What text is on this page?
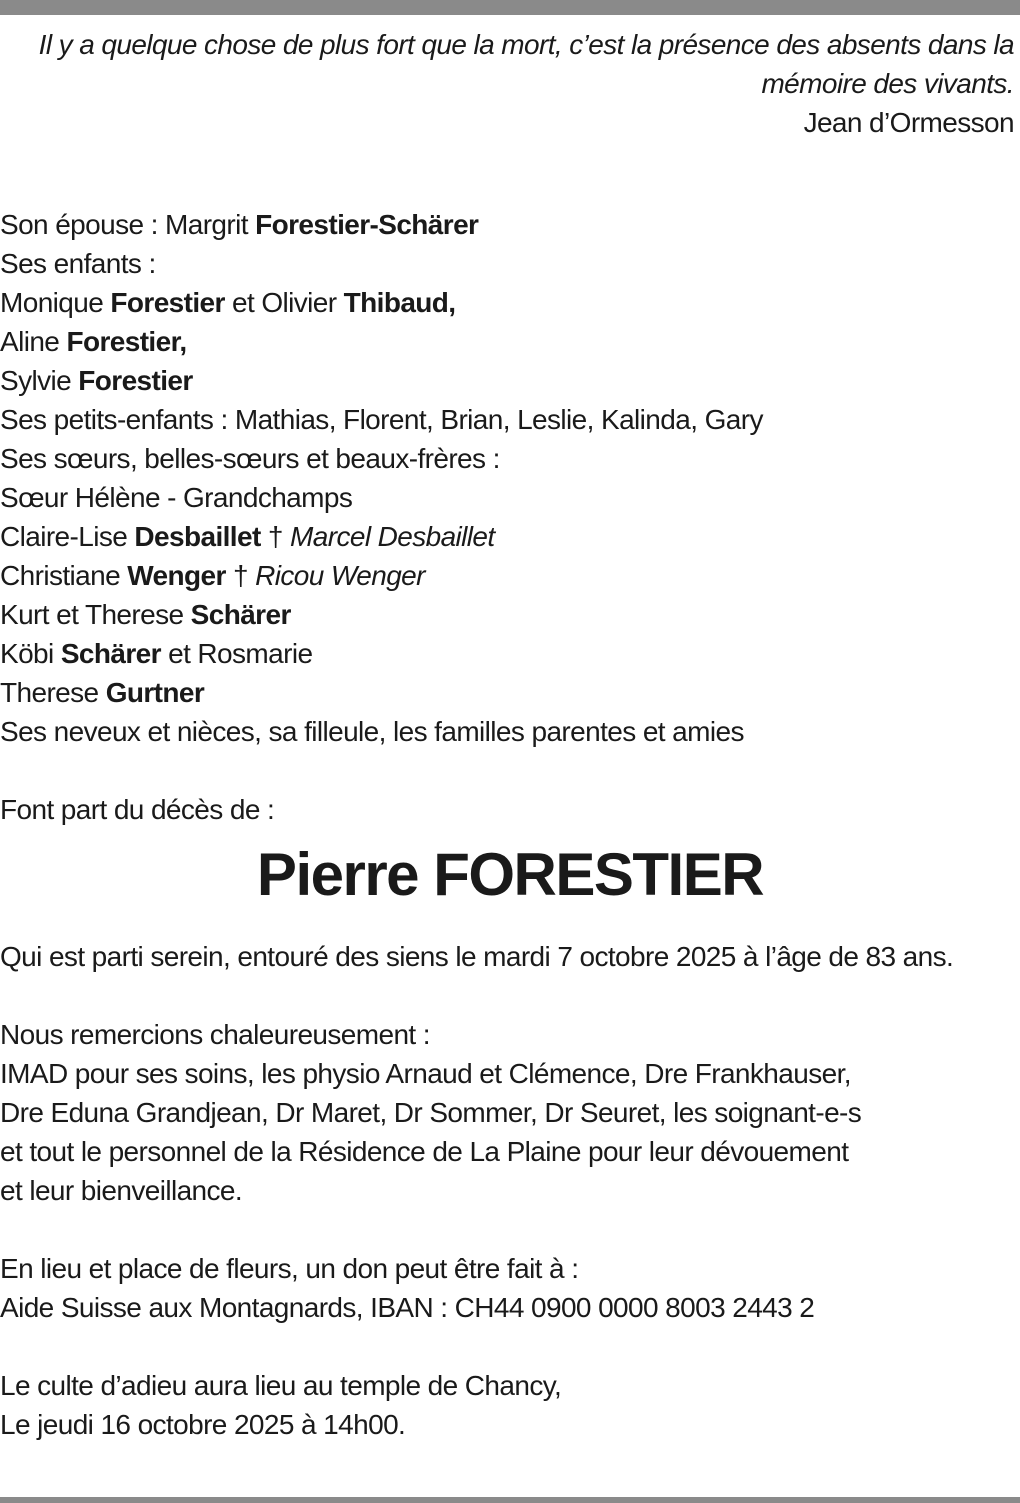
Il y a quelque chose de plus fort que la mort, c’est la présence des absents dans la
mémoire des vivants.
Jean d’Ormesson
Son épouse : Margrit Forestier-Schärer
Ses enfants :
Monique Forestier et Olivier Thibaud,
Aline Forestier,
Sylvie Forestier
Ses petits-enfants : Mathias, Florent, Brian, Leslie, Kalinda, Gary
Ses sœurs, belles-sœurs et beaux-frères :
Sœur Hélène - Grandchamps
Claire-Lise Desbaillet † Marcel Desbaillet
Christiane Wenger † Ricou Wenger
Kurt et Therese Schärer
Köbi Schärer et Rosmarie
Therese Gurtner
Ses neveux et nièces, sa filleule, les familles parentes et amies
Font part du décès de :
Pierre FORESTIER
Qui est parti serein, entouré des siens le mardi 7 octobre 2025 à l’âge de 83 ans.
Nous remercions chaleureusement :
IMAD pour ses soins, les physio Arnaud et Clémence, Dre Frankhauser,
Dre Eduna Grandjean, Dr Maret, Dr Sommer, Dr Seuret, les soignant-e-s
et tout le personnel de la Résidence de La Plaine pour leur dévouement
et leur bienveillance.
En lieu et place de fleurs, un don peut être fait à :
Aide Suisse aux Montagnards, IBAN : CH44 0900 0000 8003 2443 2
Le culte d’adieu aura lieu au temple de Chancy,
Le jeudi 16 octobre 2025 à 14h00.
